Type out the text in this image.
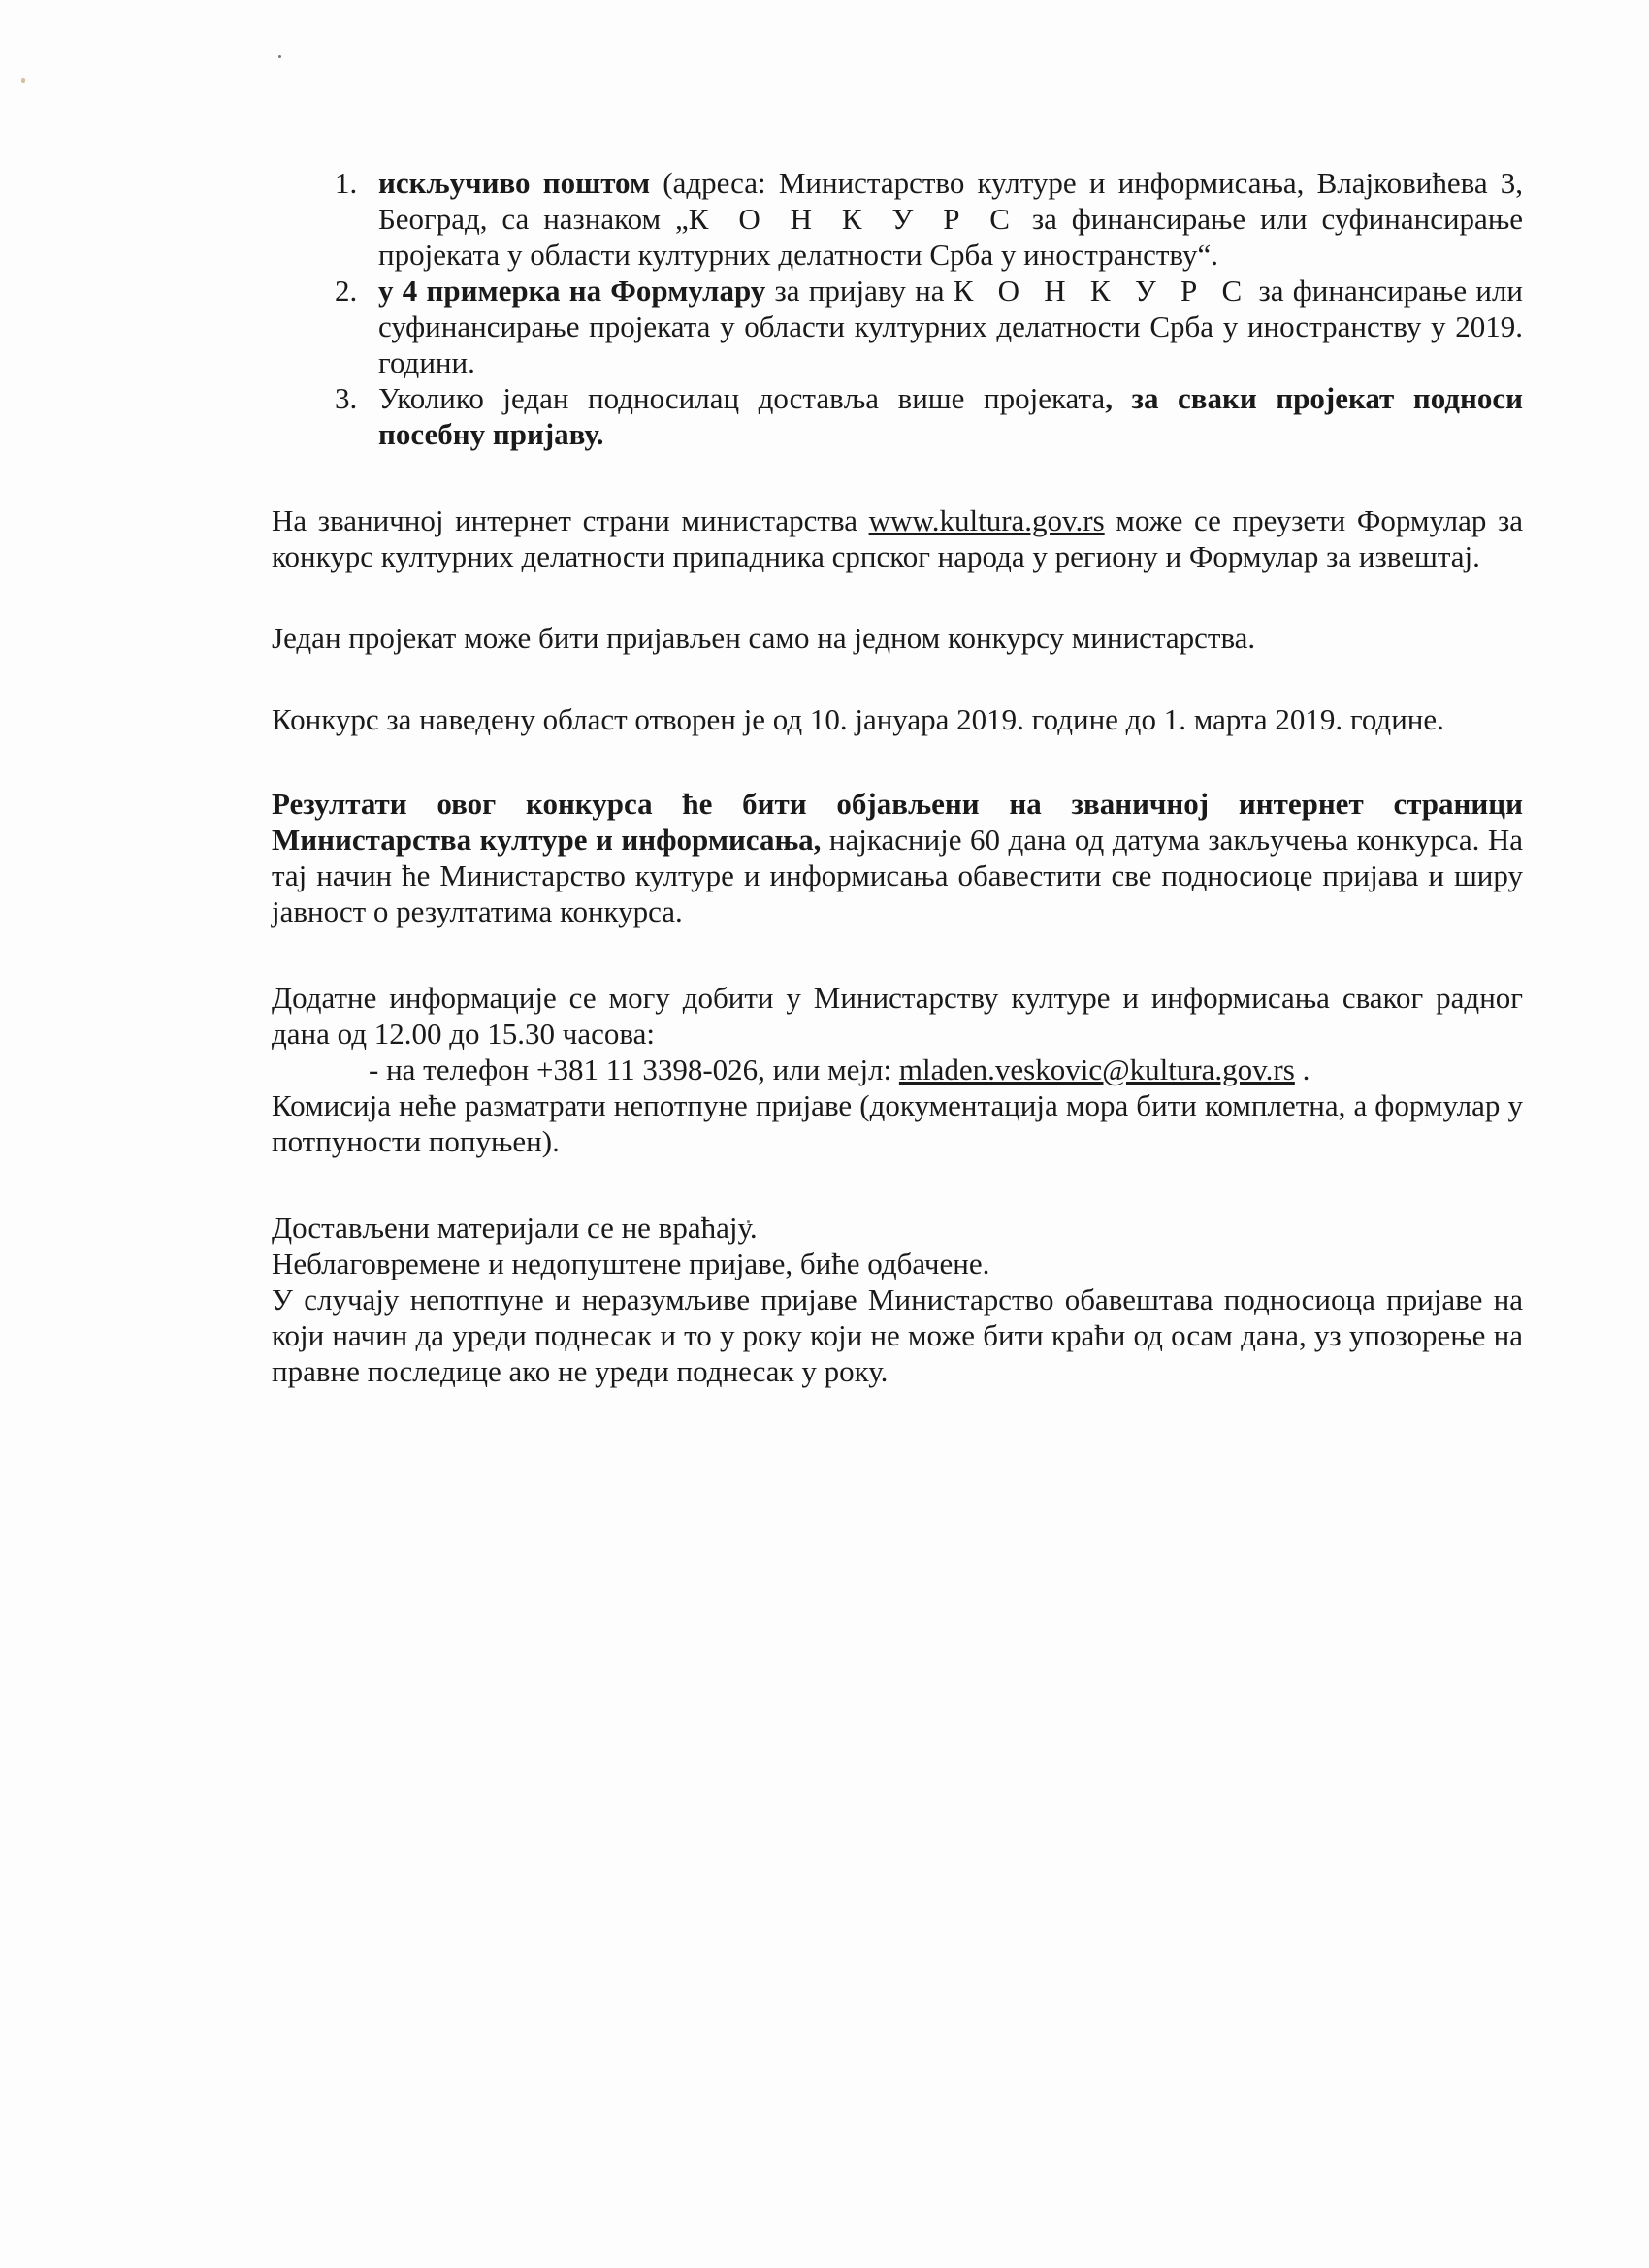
1. искључиво поштом (адреса: Министарство културе и информисања, Влајковићева 3, Београд, са назнаком „К О Н К У Р С за финансирање или суфинансирање пројеката у области културних делатности Срба у иностранству“.
2. у 4 примерка на Формулару за пријаву на К О Н К У Р С за финансирање или суфинансирање пројеката у области културних делатности Срба у иностранству у 2019. години.
3. Уколико један подносилац доставља више пројеката, за сваки пројекат подноси посебну пријаву.

На званичној интернет страни министарства www.kultura.gov.rs може се преузети Формулар за конкурс културних делатности припадника српског народа у региону и Формулар за извештај.

Један пројекат може бити пријављен само на једном конкурсу министарства.

Конкурс за наведену област отворен је од 10. јануара 2019. године до 1. марта 2019. године.

Резултати овог конкурса ће бити објављени на званичној интернет страници Министарства културе и информисања, најкасније 60 дана од датума закључења конкурса. На тај начин ће Министарство културе и информисања обавестити све подносиоце пријава и ширу јавност о резултатима конкурса.

Додатне информације се могу добити у Министарству културе и информисања сваког радног дана од 12.00 до 15.30 часова:

- на телефон +381 11 3398-026, или мејл: mladen.veskovic@kultura.gov.rs .

Комисија неће разматрати непотпуне пријаве (документација мора бити комплетна, а формулар у потпуности попуњен).

Достављени материјали се не враћају.

Неблаговремене и недопуштене пријаве, биће одбачене.

У случају непотпуне и неразумљиве пријаве Министарство обавештава подносиоца пријаве на који начин да уреди поднесак и то у року који не може бити краћи од осам дана, уз упозорење на правне последице ако не уреди поднесак у року.
